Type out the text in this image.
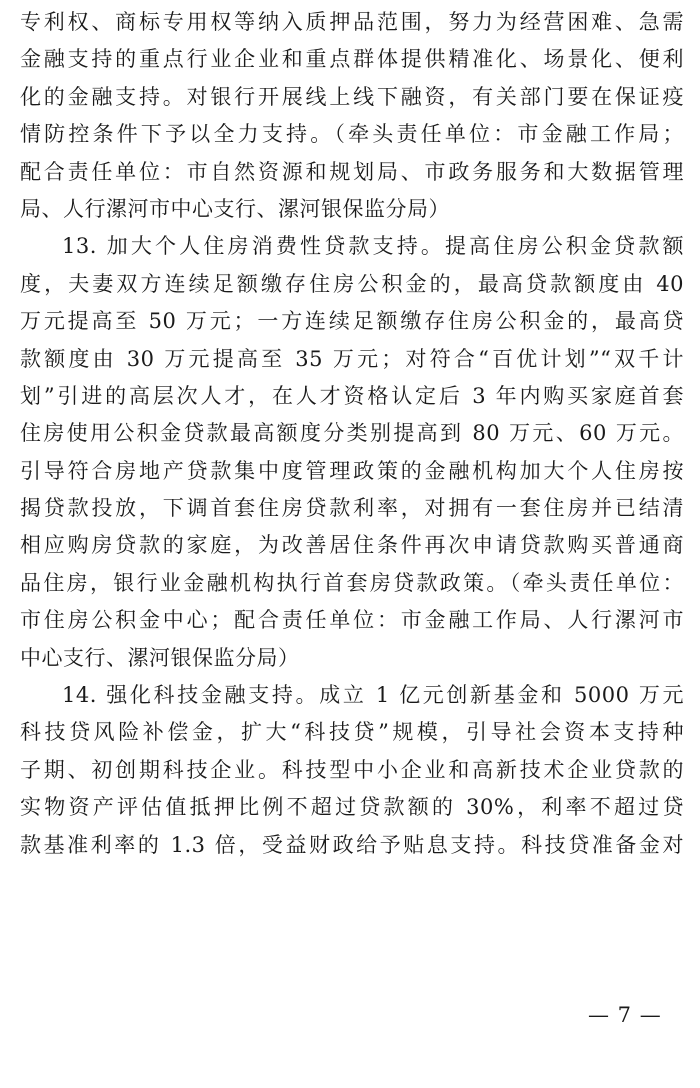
专利权、商标专用权等纳入质押品范围，努力为经营困难、急需
金融支持的重点行业企业和重点群体提供精准化、场景化、便利
化的金融支持。对银行开展线上线下融资，有关部门要在保证疫
情防控条件下予以全力支持。（牵头责任单位：市金融工作局；
配合责任单位：市自然资源和规划局、市政务服务和大数据管理
局、人行漯河市中心支行、漯河银保监分局）
13. 加大个人住房消费性贷款支持。提高住房公积金贷款额
度，夫妻双方连续足额缴存住房公积金的，最高贷款额度由 40
万元提高至 50 万元；一方连续足额缴存住房公积金的，最高贷
款额度由 30 万元提高至 35 万元；对符合“百优计划”“双千计
划”引进的高层次人才，在人才资格认定后 3 年内购买家庭首套
住房使用公积金贷款最高额度分类别提高到 80 万元、60 万元。
引导符合房地产贷款集中度管理政策的金融机构加大个人住房按
揭贷款投放，下调首套住房贷款利率，对拥有一套住房并已结清
相应购房贷款的家庭，为改善居住条件再次申请贷款购买普通商
品住房，银行业金融机构执行首套房贷款政策。（牵头责任单位：
市住房公积金中心；配合责任单位：市金融工作局、人行漯河市
中心支行、漯河银保监分局）
14. 强化科技金融支持。成立 1 亿元创新基金和 5000 万元
科技贷风险补偿金，扩大“科技贷”规模，引导社会资本支持种
子期、初创期科技企业。科技型中小企业和高新技术企业贷款的
实物资产评估值抵押比例不超过贷款额的 30%，利率不超过贷
款基准利率的 1.3 倍，受益财政给予贴息支持。科技贷准备金对
— 7 —
